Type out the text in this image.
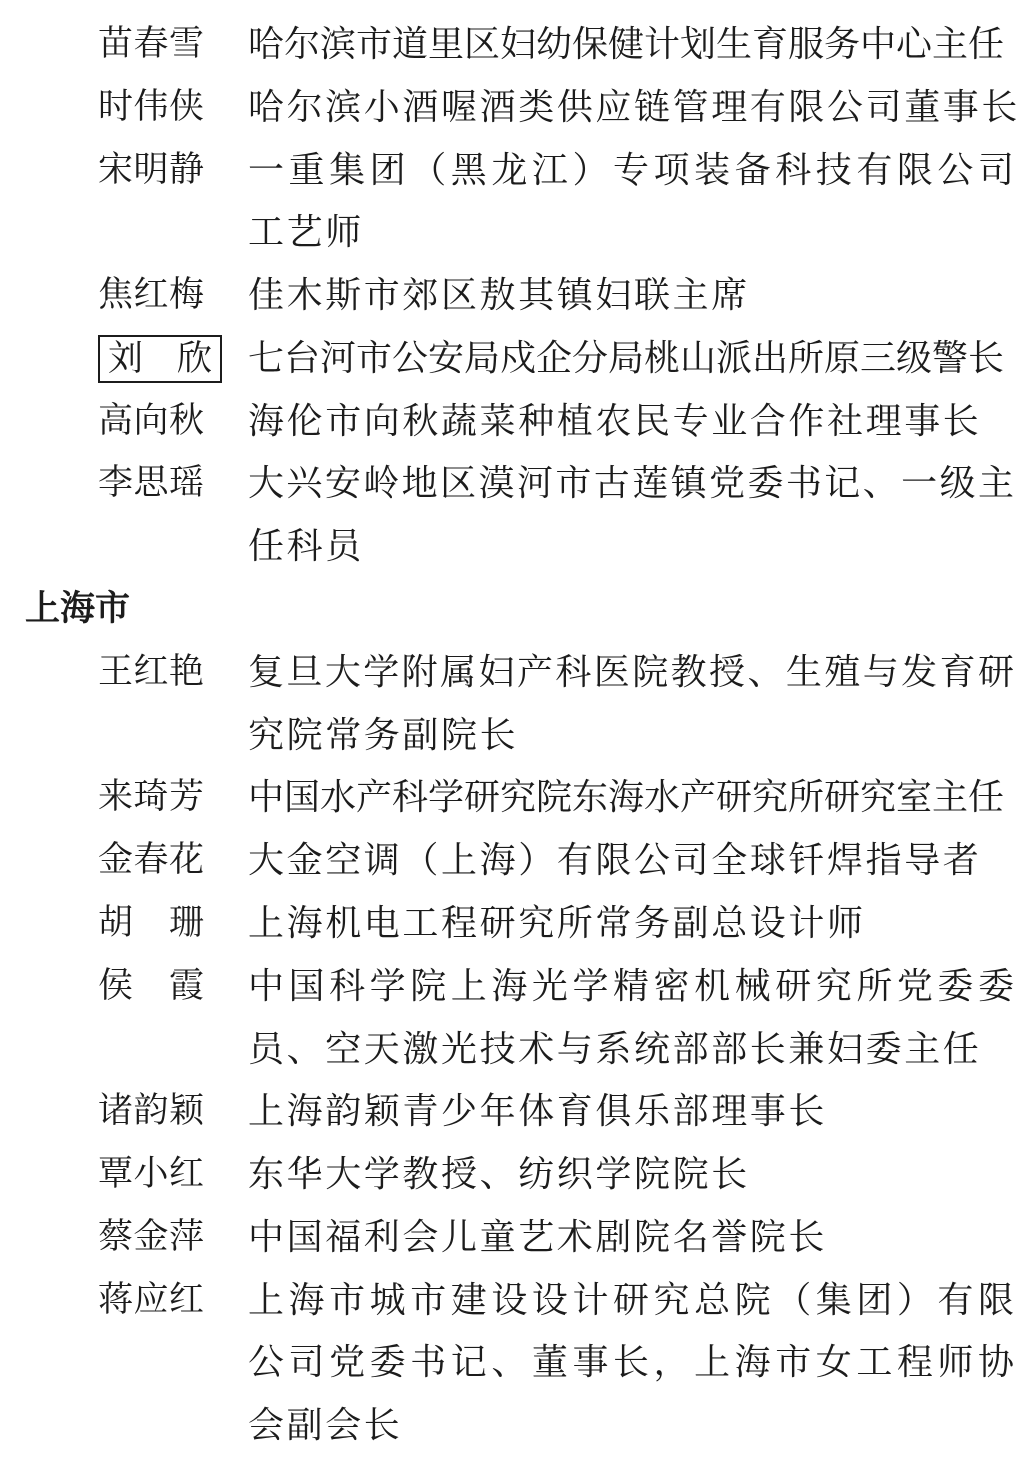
苗春雪 哈尔滨市道里区妇幼保健计划生育服务中心主任
时伟侠 哈尔滨小酒喔酒类供应链管理有限公司董事长
宋明静 一重集团（黑龙江）专项装备科技有限公司
工艺师
焦红梅 佳木斯市郊区敖其镇妇联主席
刘欣 七台河市公安局戍企分局桃山派出所原三级警长
高向秋 海伦市向秋蔬菜种植农民专业合作社理事长
李思瑶 大兴安岭地区漠河市古莲镇党委书记、一级主
任科员
上海市
王红艳 复旦大学附属妇产科医院教授、生殖与发育研
究院常务副院长
来琦芳 中国水产科学研究院东海水产研究所研究室主任
金春花 大金空调（上海）有限公司全球钎焊指导者
胡珊 上海机电工程研究所常务副总设计师
侯霞 中国科学院上海光学精密机械研究所党委委
员、空天激光技术与系统部部长兼妇委主任
诸韵颖 上海韵颖青少年体育俱乐部理事长
覃小红 东华大学教授、纺织学院院长
蔡金萍 中国福利会儿童艺术剧院名誉院长
蒋应红 上海市城市建设设计研究总院（集团）有限
公司党委书记、董事长，上海市女工程师协
会副会长
